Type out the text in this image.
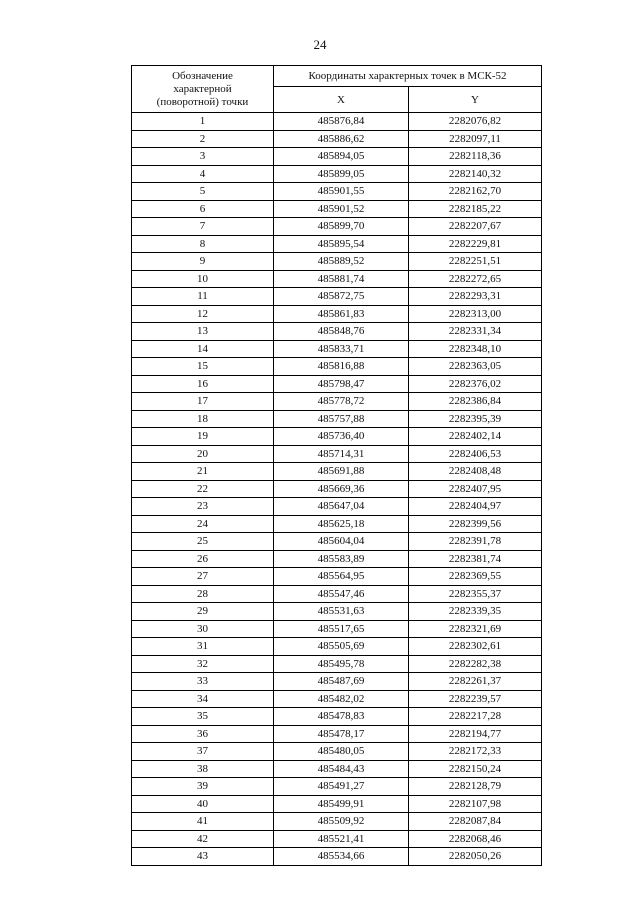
24
Обозначение
характерной
(поворотной) точки	Координаты характерных точек в МСК-52	
	X	Y
1	485876,84	2282076,82
2	485886,62	2282097,11
3	485894,05	2282118,36
4	485899,05	2282140,32
5	485901,55	2282162,70
6	485901,52	2282185,22
7	485899,70	2282207,67
8	485895,54	2282229,81
9	485889,52	2282251,51
10	485881,74	2282272,65
11	485872,75	2282293,31
12	485861,83	2282313,00
13	485848,76	2282331,34
14	485833,71	2282348,10
15	485816,88	2282363,05
16	485798,47	2282376,02
17	485778,72	2282386,84
18	485757,88	2282395,39
19	485736,40	2282402,14
20	485714,31	2282406,53
21	485691,88	2282408,48
22	485669,36	2282407,95
23	485647,04	2282404,97
24	485625,18	2282399,56
25	485604,04	2282391,78
26	485583,89	2282381,74
27	485564,95	2282369,55
28	485547,46	2282355,37
29	485531,63	2282339,35
30	485517,65	2282321,69
31	485505,69	2282302,61
32	485495,78	2282282,38
33	485487,69	2282261,37
34	485482,02	2282239,57
35	485478,83	2282217,28
36	485478,17	2282194,77
37	485480,05	2282172,33
38	485484,43	2282150,24
39	485491,27	2282128,79
40	485499,91	2282107,98
41	485509,92	2282087,84
42	485521,41	2282068,46
43	485534,66	2282050,26
